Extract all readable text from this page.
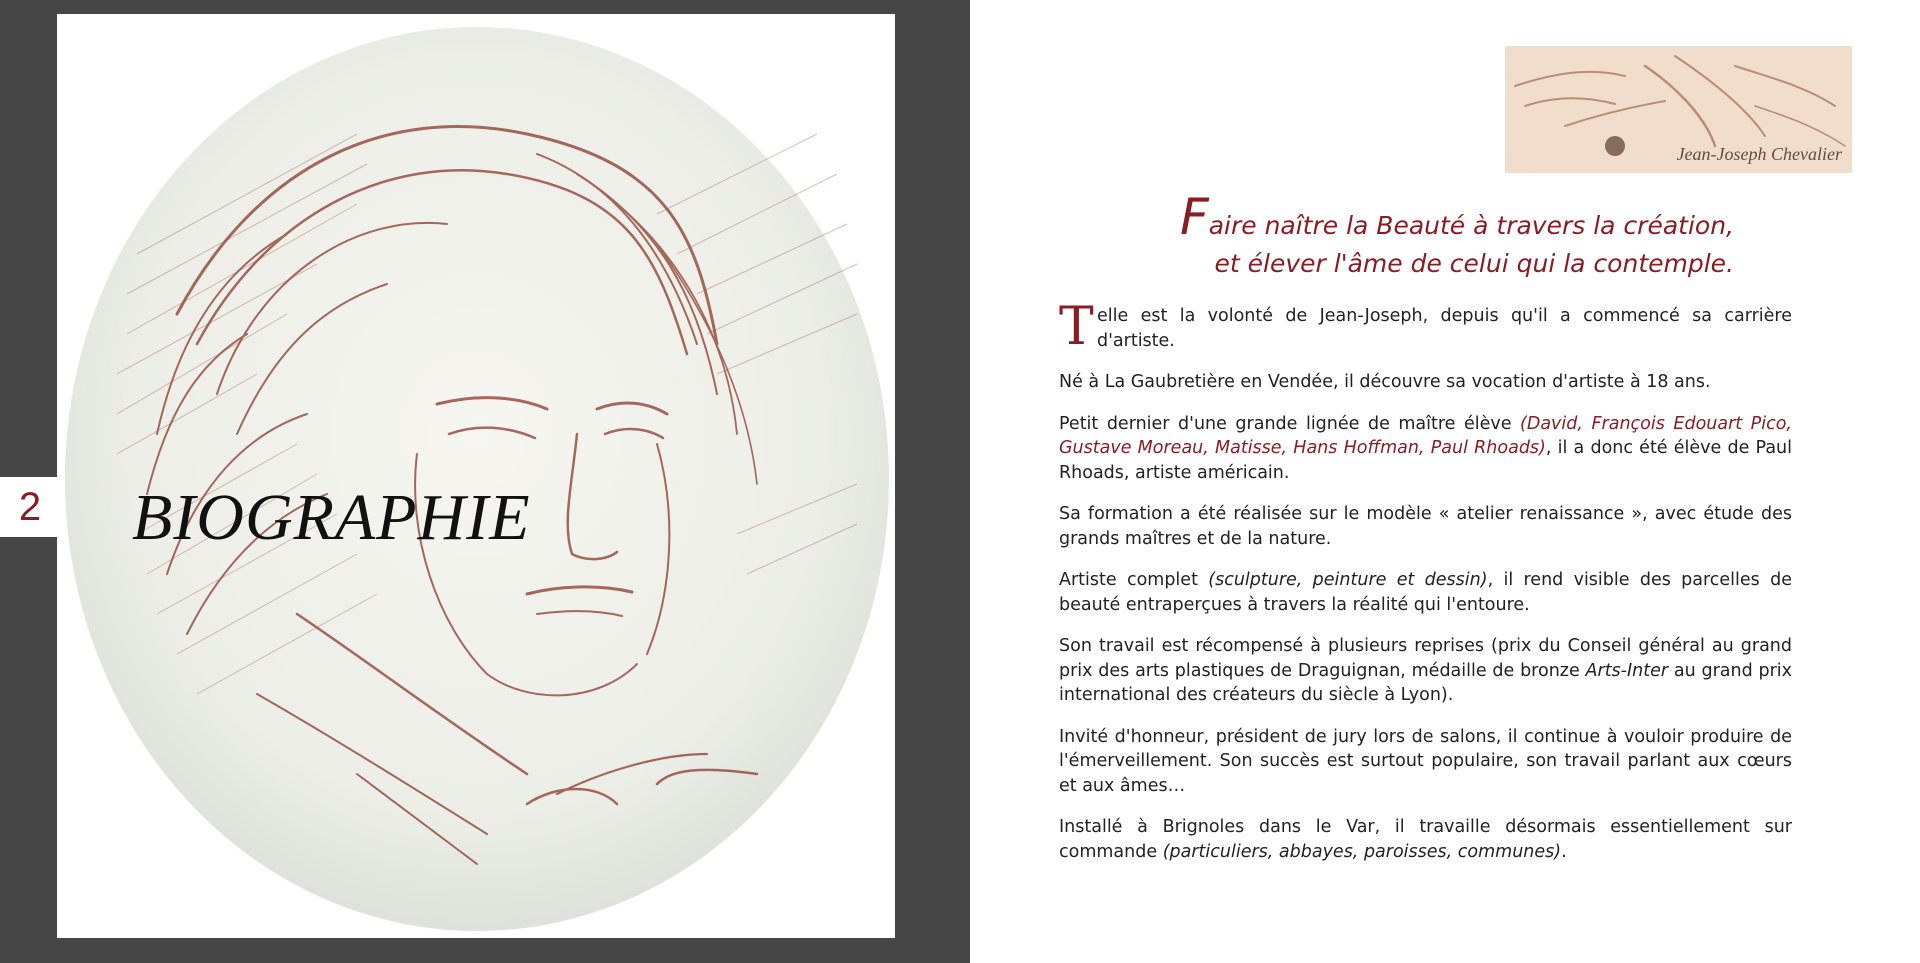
2 BIOGRAPHIE
Jean-Joseph Chevalier
Faire naître la Beauté à travers la création,
et élever l'âme de celui qui la contemple.

T elle est la volonté de Jean-Joseph, depuis qu'il a commencé sa carrière d'artiste.

Né à La Gaubretière en Vendée, il découvre sa vocation d'artiste à 18 ans.

Petit dernier d'une grande lignée de maître élève (David, François Edouart Pico, Gustave Moreau, Matisse, Hans Hoffman, Paul Rhoads), il a donc été élève de Paul Rhoads, artiste américain.

Sa formation a été réalisée sur le modèle « atelier renaissance », avec étude des grands maîtres et de la nature.

Artiste complet (sculpture, peinture et dessin), il rend visible des parcelles de beauté entraperçues à travers la réalité qui l'entoure.

Son travail est récompensé à plusieurs reprises (prix du Conseil général au grand prix des arts plastiques de Draguignan, médaille de bronze Arts-Inter au grand prix international des créateurs du siècle à Lyon).

Invité d'honneur, président de jury lors de salons, il continue à vouloir produire de l'émerveillement. Son succès est surtout populaire, son travail parlant aux cœurs et aux âmes…

Installé à Brignoles dans le Var, il travaille désormais essentiellement sur commande (particuliers, abbayes, paroisses, communes).
